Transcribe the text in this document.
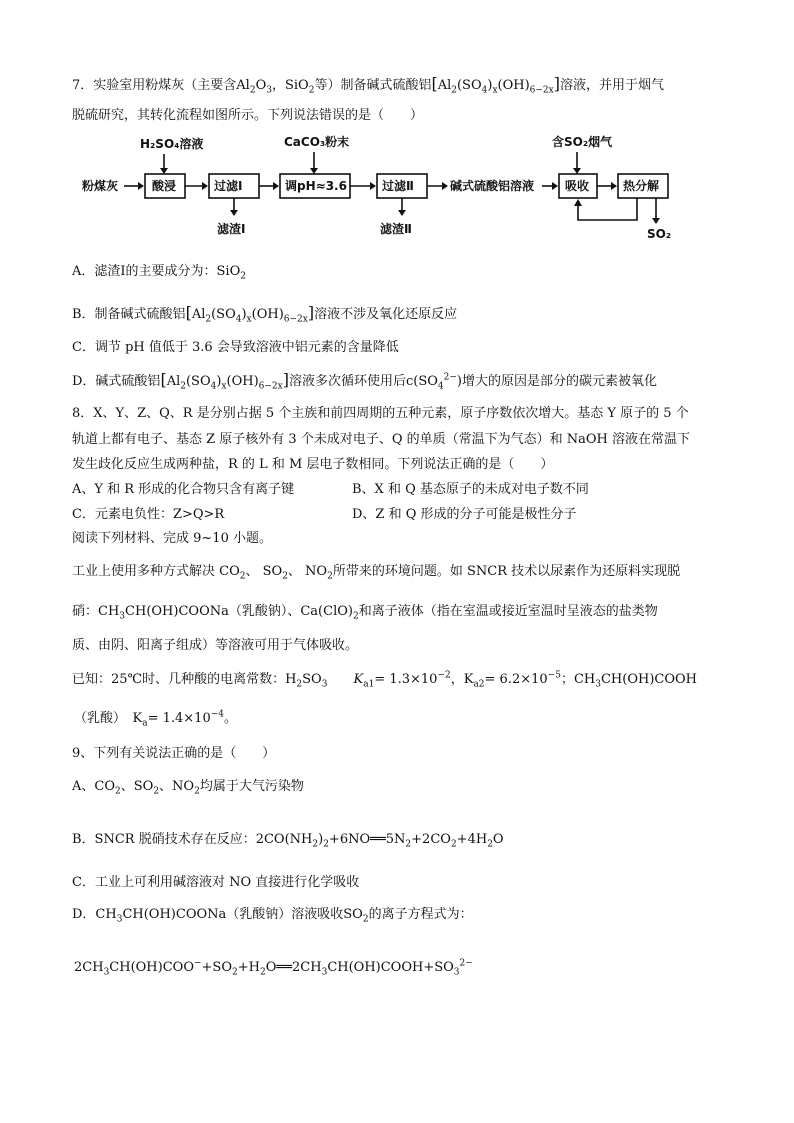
7．实验室用粉煤灰（主要含$Al_2O_3$，SiO$_2$等）制备碱式硫酸铝$[Al_2(SO_4)_x(OH)_{6-2x}]$溶液，并用于烟气
脱硫研究，其转化流程如图所示。下列说法错误的是（　　）
H₂SO₄溶液	CaCO₃粉末	含SO₂烟气
粉煤灰	酸浸	过滤Ⅰ
滤渣Ⅰ
调pH≈3.6	过滤Ⅱ
滤渣Ⅱ
碱式硫酸铝溶液	吸收	热分解
SO₂
A．滤渣Ⅰ的主要成分为：SiO$_2$
B．制备碱式硫酸铝$[Al_2(SO_4)_x(OH)_{6-2x}]$溶液不涉及氧化还原反应
C．调节 pH 值低于 3.6 会导致溶液中铝元素的含量降低
D．碱式硫酸铝$[Al_2(SO_4)_x(OH)_{6-2x}]$溶液多次循环使用后$c(SO_4^{2-})$增大的原因是部分的碳元素被氧化
8．X、Y、Z、Q、R 是分别占据 5 个主族和前四周期的五种元素，原子序数依次增大。基态 Y 原子的 5 个
轨道上都有电子、基态 Z 原子核外有 3 个未成对电子、Q 的单质（常温下为气态）和 NaOH 溶液在常温下
发生歧化反应生成两种盐，R 的 L 和 M 层电子数相同。下列说法正确的是（　　）
A、Y 和 R 形成的化合物只含有离子键	B、X 和 Q 基态原子的未成对电子数不同
C．元素电负性：Z>Q>R	D、Z 和 Q 形成的分子可能是极性分子
阅读下列材料、完成 9~10 小题。
工业上使用多种方式解决 $CO_2$、 $SO_2$、 $NO_2$所带来的环境问题。如 SNCR 技术以尿素作为还原料实现脱
硝：$CH_3CH(OH)COONa$（乳酸钠）、$Ca(ClO)_2$和离子液体（指在室温或接近室温时呈液态的盐类物
质、由阴、阳离子组成）等溶液可用于气体吸收。
已知：25℃时、几种酸的电离常数：$H_2SO_3$　　 $K_{a1}= 1.3\times 10^{-2}$，$K_{a2}= 6.2\times 10^{-5}$；$CH_3CH(OH)COOH$
（乳酸）　$K_a= 1.4\times 10^{-4}$。
9、下列有关说法正确的是（　　）
A、$CO_2$、$SO_2$、$NO_2$均属于大气污染物
B．SNCR 脱硝技术存在反应：$2CO(NH_2)_2+6NO══5N_2+2CO_2+4H_2O$
C．工业上可利用碱溶液对 NO 直接进行化学吸收
D．$CH_3CH(OH)COONa$（乳酸钠）溶液吸收$SO_2$的离子方程式为：
$2CH_3CH(OH)COO^-+SO_2+H_2O══2CH_3CH(OH)COOH+SO_3^{2-}$
